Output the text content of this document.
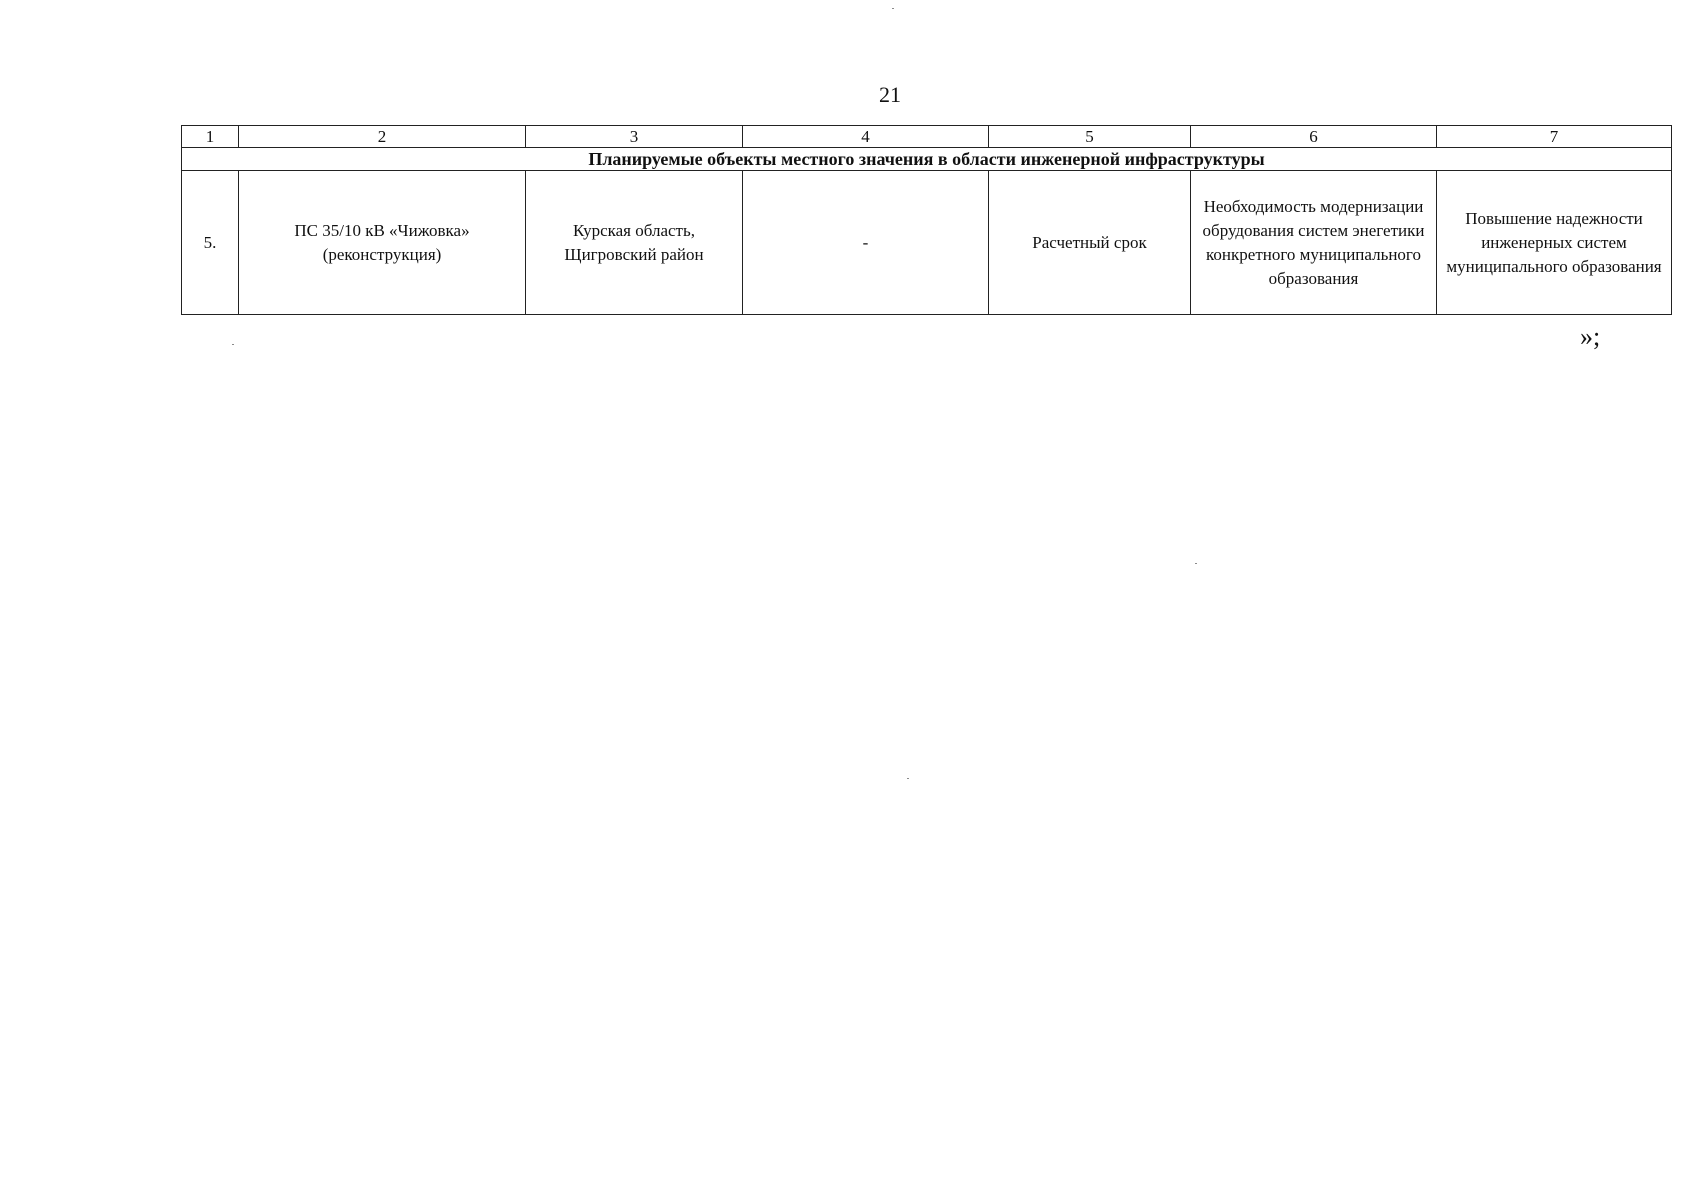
21
1	2	3	4	5	6	7
Планируемые объекты местного значения в области инженерной инфраструктуры						
5.	ПС 35/10 кВ «Чижовка» (реконструкция)	Курская область, Щигровский район	-	Расчетный срок	Необходимость модернизации обрудования систем энегетики конкретного муниципального образования	Повышение надежности инженерных систем муниципального образования
»;
